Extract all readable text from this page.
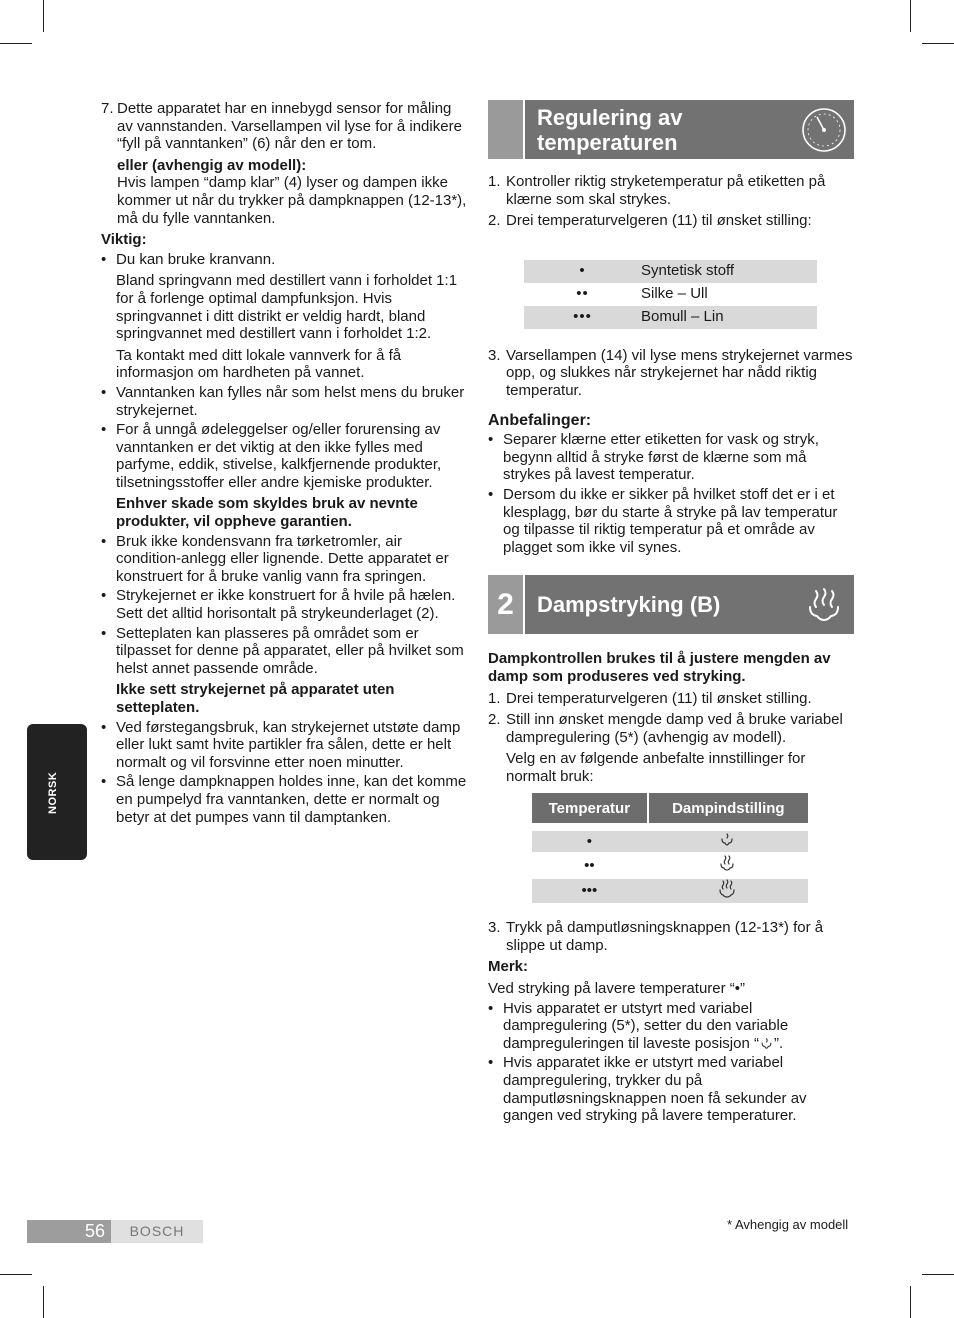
7. Dette apparatet har en innebygd sensor for måling av vannstanden. Varsellampen vil lyse for å indikere “fyll på vanntanken” (6) når den er tom.

eller (avhengig av modell):

Hvis lampen “damp klar” (4) lyser og dampen ikke kommer ut når du trykker på dampknappen (12-13*), må du fylle vanntanken.

Viktig:

• Du kan bruke kranvann.

Bland springvann med destillert vann i forholdet 1:1 for å forlenge optimal dampfunksjon. Hvis springvannet i ditt distrikt er veldig hardt, bland springvannet med destillert vann i forholdet 1:2.

Ta kontakt med ditt lokale vannverk for å få informasjon om hardheten på vannet.

• Vanntanken kan fylles når som helst mens du bruker strykejernet.

• For å unngå ødeleggelser og/eller forurensing av vanntanken er det viktig at den ikke fylles med parfyme, eddik, stivelse, kalkfjernende produkter, tilsetningsstoffer eller andre kjemiske produkter.

Enhver skade som skyldes bruk av nevnte produkter, vil oppheve garantien.

• Bruk ikke kondensvann fra tørketromler, air condition-anlegg eller lignende. Dette apparatet er konstruert for å bruke vanlig vann fra springen.

• Strykejernet er ikke konstruert for å hvile på hælen. Sett det alltid horisontalt på strykeunderlaget (2).

• Setteplaten kan plasseres på området som er tilpasset for denne på apparatet, eller på hvilket som helst annet passende område.

Ikke sett strykejernet på apparatet uten setteplaten.

• Ved førstegangsbruk, kan strykejernet utstøte damp eller lukt samt hvite partikler fra sålen, dette er helt normalt og vil forsvinne etter noen minutter.

• Så lenge dampknappen holdes inne, kan det komme en pumpelyd fra vanntanken, dette er normalt og betyr at det pumpes vann til damptanken.

Regulering av temperaturen
1. Kontroller riktig stryketemperatur på etiketten på klærne som skal strykes.

2. Drei temperaturvelgeren (11) til ønsket stilling:

•	Syntetisk stoff
••	Silke – Ull
•••	Bomull – Lin
3. Varsellampen (14) vil lyse mens strykejernet varmes opp, og slukkes når strykejernet har nådd riktig temperatur.

Anbefalinger:

• Separer klærne etter etiketten for vask og stryk, begynn alltid å stryke først de klærne som må strykes på lavest temperatur.

• Dersom du ikke er sikker på hvilket stoff det er i et klesplagg, bør du starte å stryke på lav temperatur og tilpasse til riktig temperatur på et område av plagget som ikke vil synes.

2	Dampstryking (B)

Dampkontrollen brukes til å justere mengden av damp som produseres ved stryking.

1. Drei temperaturvelgeren (11) til ønsket stilling.

2. Still inn ønsket mengde damp ved å bruke variabel dampregulering (5*) (avhengig av modell).

Velg en av følgende anbefalte innstillinger for normalt bruk:

Temperatur	Dampindstilling
•	
••	
•••	
3. Trykk på damputløsningsknappen (12-13*) for å slippe ut damp.

Merk:

Ved stryking på lavere temperaturer “•”

• Hvis apparatet er utstyrt med variabel dampregulering (5*), setter du den variable dampreguleringen til laveste posisjon “ ”.

• Hvis apparatet ikke er utstyrt med variabel dampregulering, trykker du på damputløsningsknappen noen få sekunder av gangen ved stryking på lavere temperaturer.

NORSK
56	BOSCH	* Avhengig av modell
